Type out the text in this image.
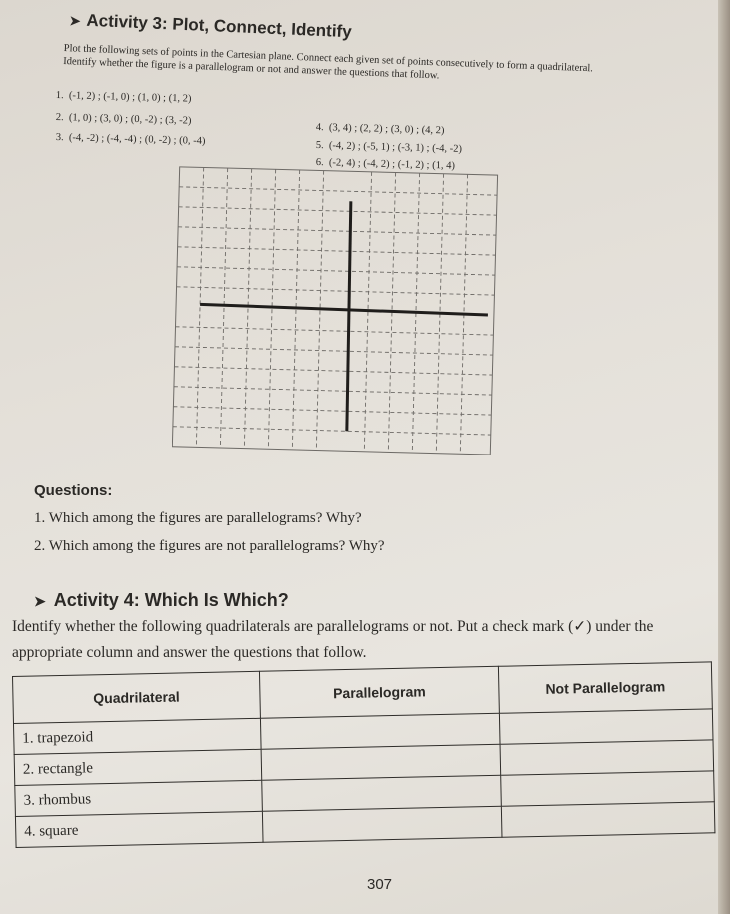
➤ Activity 3: Plot, Connect, Identify
Plot the following sets of points in the Cartesian plane. Connect each given set of points consecutively to form a quadrilateral. Identify whether the figure is a parallelogram or not and answer the questions that follow.
1. (-1, 2) ; (-1, 0) ; (1, 0) ; (1, 2)
2. (1, 0) ; (3, 0) ; (0, -2) ; (3, -2)
3. (-4, -2) ; (-4, -4) ; (0, -2) ; (0, -4)
4. (3, 4) ; (2, 2) ; (3, 0) ; (4, 2)
5. (-4, 2) ; (-5, 1) ; (-3, 1) ; (-4, -2)
6. (-2, 4) ; (-4, 2) ; (-1, 2) ; (1, 4)
Questions:
1. Which among the figures are parallelograms? Why?
2. Which among the figures are not parallelograms? Why?
➤ Activity 4: Which Is Which?
Identify whether the following quadrilaterals are parallelograms or not. Put a check mark (✓) under the appropriate column and answer the questions that follow.
Quadrilateral	Parallelogram	Not Parallelogram
1. trapezoid		
2. rectangle		
3. rhombus		
4. square		
307
